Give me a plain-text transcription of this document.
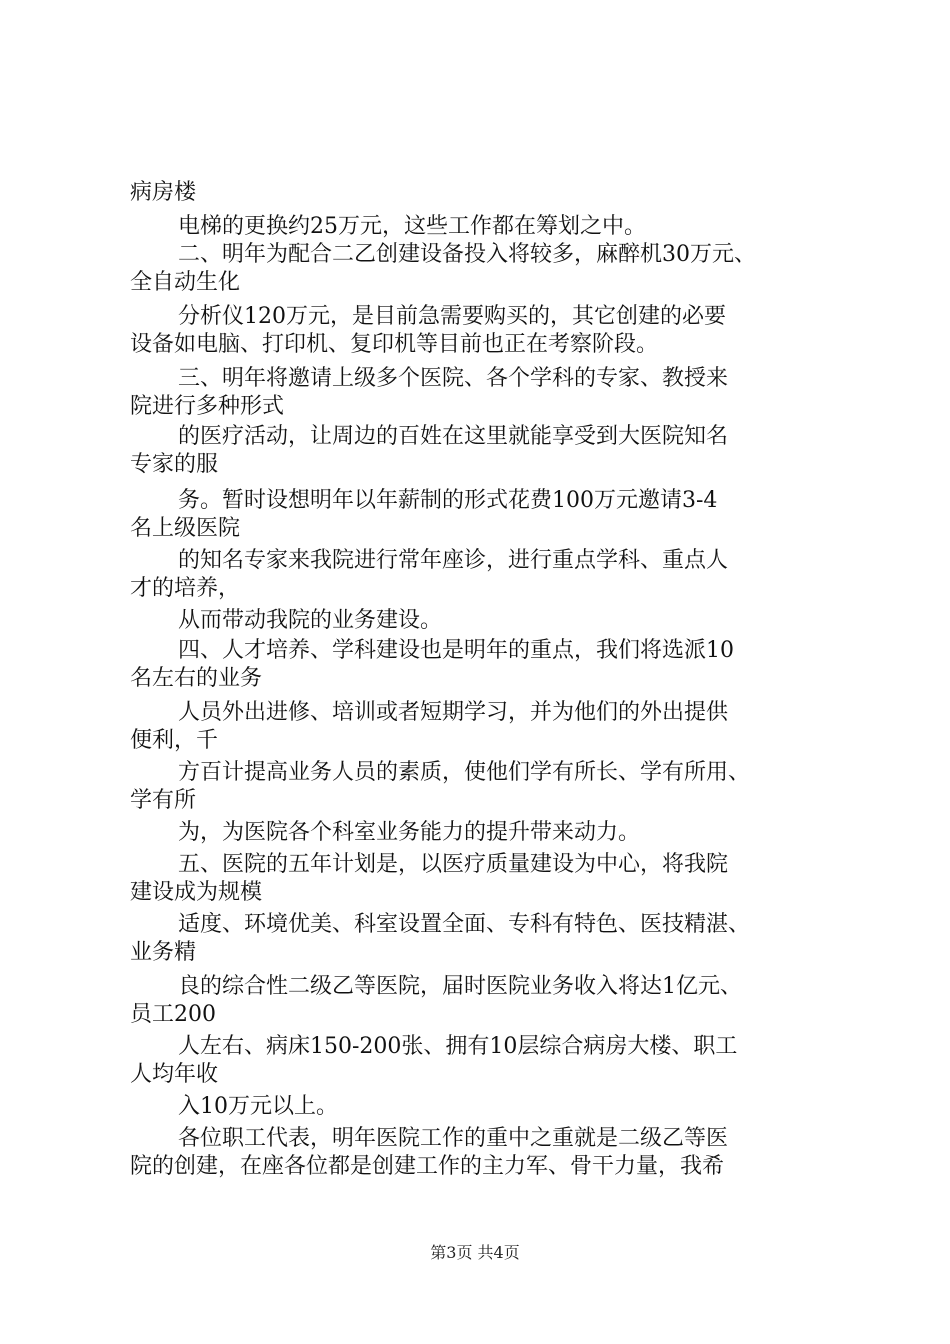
病房楼

电梯的更换约25万元，这些工作都在筹划之中。

二、明年为配合二乙创建设备投入将较多，麻醉机30万元、

全自动生化

分析仪120万元，是目前急需要购买的，其它创建的必要

设备如电脑、打印机、复印机等目前也正在考察阶段。

三、明年将邀请上级多个医院、各个学科的专家、教授来

院进行多种形式

的医疗活动，让周边的百姓在这里就能享受到大医院知名

专家的服

务。暂时设想明年以年薪制的形式花费100万元邀请3-4

名上级医院

的知名专家来我院进行常年座诊，进行重点学科、重点人

才的培养，

从而带动我院的业务建设。

四、人才培养、学科建设也是明年的重点，我们将选派10

名左右的业务

人员外出进修、培训或者短期学习，并为他们的外出提供

便利，千

方百计提高业务人员的素质，使他们学有所长、学有所用、

学有所

为，为医院各个科室业务能力的提升带来动力。

五、医院的五年计划是，以医疗质量建设为中心，将我院

建设成为规模

适度、环境优美、科室设置全面、专科有特色、医技精湛、

业务精

良的综合性二级乙等医院，届时医院业务收入将达1亿元、

员工200

人左右、病床150-200张、拥有10层综合病房大楼、职工

人均年收

入10万元以上。

各位职工代表，明年医院工作的重中之重就是二级乙等医

院的创建，在座各位都是创建工作的主力军、骨干力量，我希

第3页 共4页
